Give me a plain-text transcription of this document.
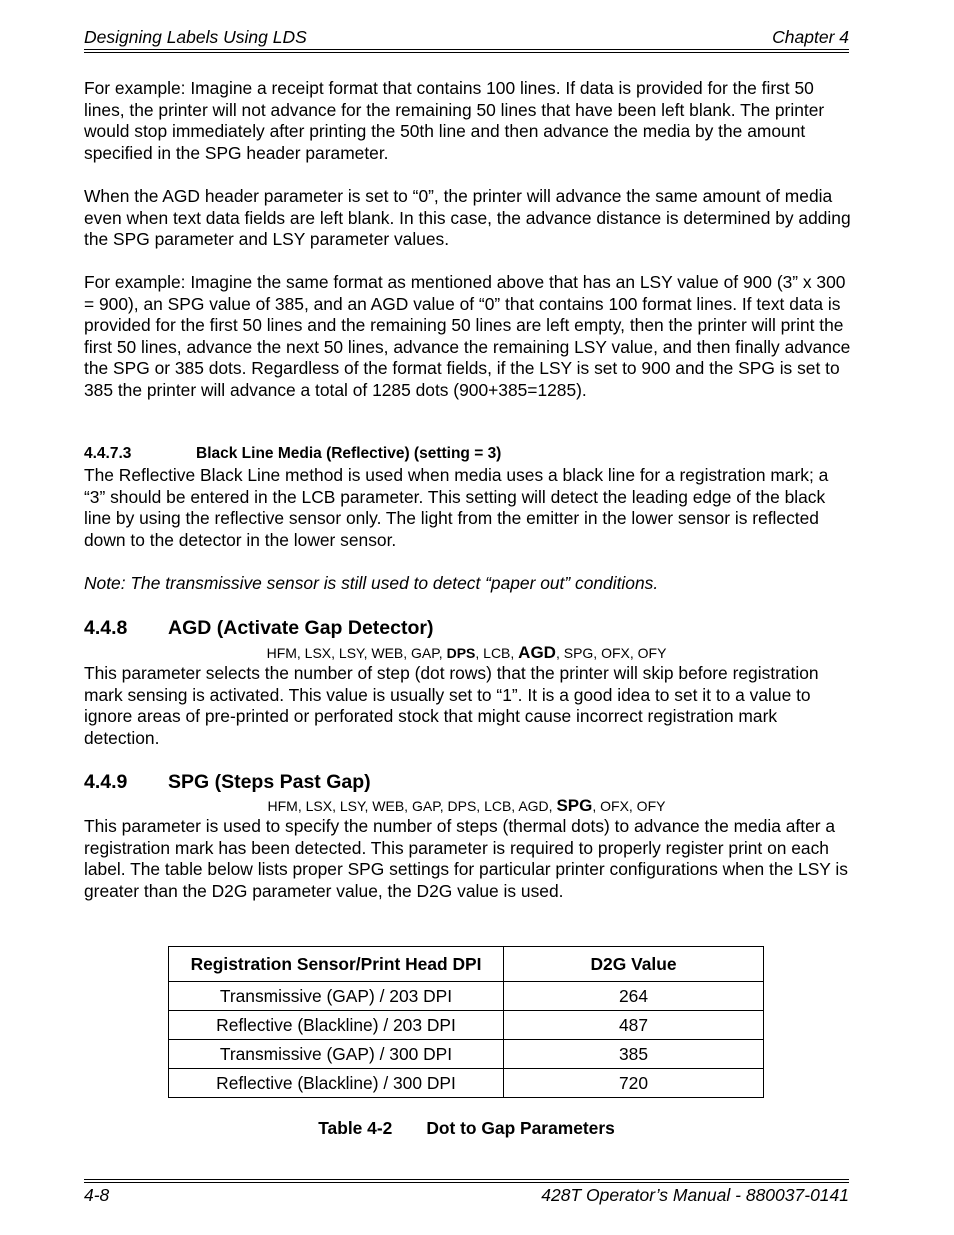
Designing Labels Using LDS	Chapter 4

For example: Imagine a receipt format that contains 100 lines. If data is provided for the first 50 lines, the printer will not advance for the remaining 50 lines that have been left blank. The printer would stop immediately after printing the 50th line and then advance the media by the amount specified in the SPG header parameter.

When the AGD header parameter is set to “0”, the printer will advance the same amount of media even when text data fields are left blank. In this case, the advance distance is determined by adding the SPG parameter and LSY parameter values.

For example: Imagine the same format as mentioned above that has an LSY value of 900 (3” x 300 = 900), an SPG value of 385, and an AGD value of “0” that contains 100 format lines. If text data is provided for the first 50 lines and the remaining 50 lines are left empty, then the printer will print the first 50 lines, advance the next 50 lines, advance the remaining LSY value, and then finally advance the SPG or 385 dots. Regardless of the format fields, if the LSY is set to 900 and the SPG is set to 385 the printer will advance a total of 1285 dots (900+385=1285).

4.4.7.3	Black Line Media (Reflective) (setting = 3)

The Reflective Black Line method is used when media uses a black line for a registration mark; a “3” should be entered in the LCB parameter. This setting will detect the leading edge of the black line by using the reflective sensor only. The light from the emitter in the lower sensor is reflected down to the detector in the lower sensor.

Note: The transmissive sensor is still used to detect “paper out” conditions.

4.4.8 AGD (Activate Gap Detector)
HFM, LSX, LSY, WEB, GAP, DPS, LCB, AGD, SPG, OFX, OFY

This parameter selects the number of step (dot rows) that the printer will skip before registration mark sensing is activated. This value is usually set to “1”. It is a good idea to set it to a value to ignore areas of pre-printed or perforated stock that might cause incorrect registration mark detection.

4.4.9 SPG (Steps Past Gap)
HFM, LSX, LSY, WEB, GAP, DPS, LCB, AGD, SPG, OFX, OFY

This parameter is used to specify the number of steps (thermal dots) to advance the media after a registration mark has been detected. This parameter is required to properly register print on each label. The table below lists proper SPG settings for particular printer configurations when the LSY is greater than the D2G parameter value, the D2G value is used.

Registration Sensor/Print Head DPI	D2G Value
Transmissive (GAP) / 203 DPI	264
Reflective (Blackline) / 203 DPI	487
Transmissive (GAP) / 300 DPI	385
Reflective (Blackline) / 300 DPI	720
Table 4-2 Dot to Gap Parameters
4-8	428T Operator’s Manual - 880037-0141
